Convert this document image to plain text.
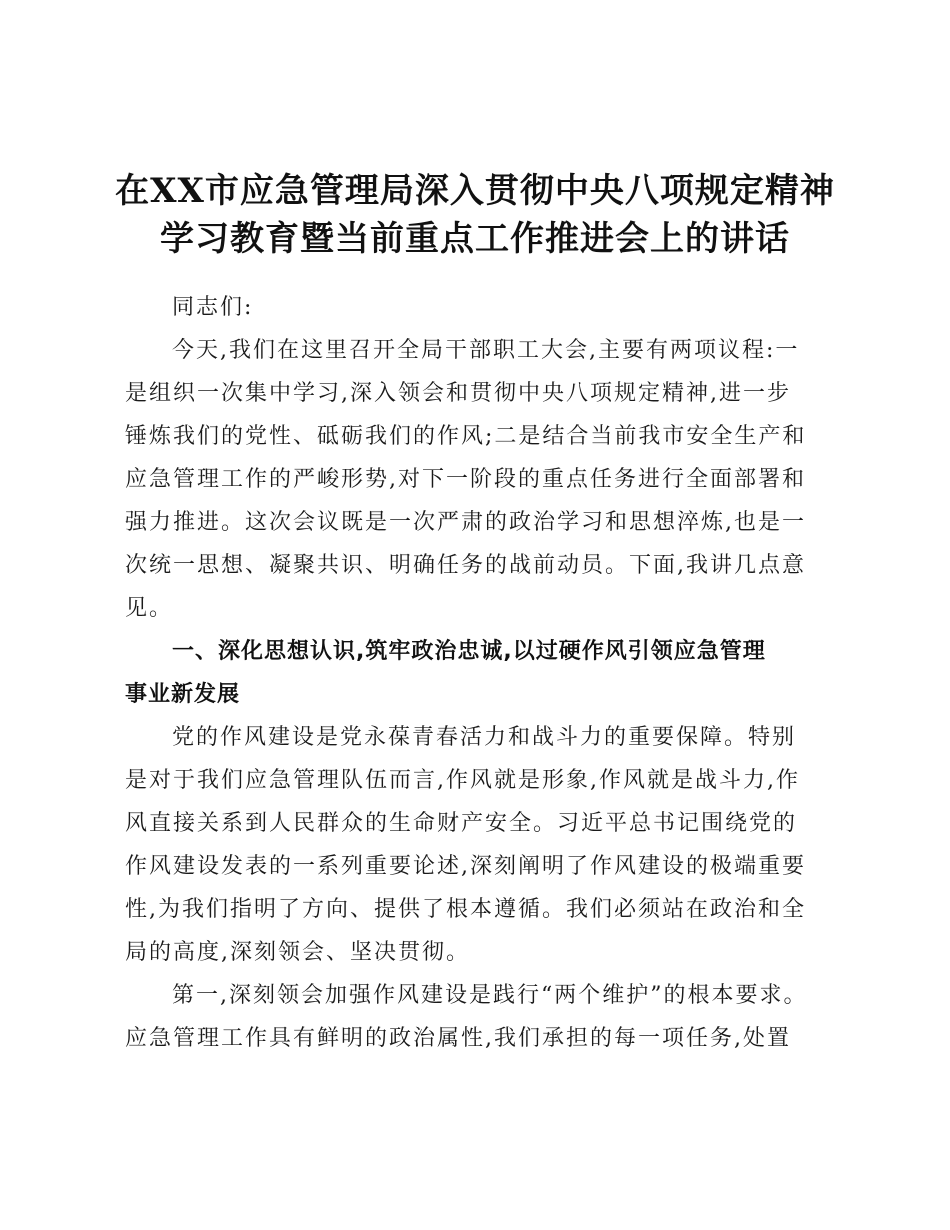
在XX市应急管理局深入贯彻中央八项规定精神
学习教育暨当前重点工作推进会上的讲话
同志们:
今天,我们在这里召开全局干部职工大会,主要有两项议程:一
是组织一次集中学习,深入领会和贯彻中央八项规定精神,进一步
锤炼我们的党性、砥砺我们的作风;二是结合当前我市安全生产和
应急管理工作的严峻形势,对下一阶段的重点任务进行全面部署和
强力推进。这次会议既是一次严肃的政治学习和思想淬炼,也是一
次统一思想、凝聚共识、明确任务的战前动员。下面,我讲几点意
见。
一、深化思想认识,筑牢政治忠诚,以过硬作风引领应急管理
事业新发展
党的作风建设是党永葆青春活力和战斗力的重要保障。特别
是对于我们应急管理队伍而言,作风就是形象,作风就是战斗力,作
风直接关系到人民群众的生命财产安全。习近平总书记围绕党的
作风建设发表的一系列重要论述,深刻阐明了作风建设的极端重要
性,为我们指明了方向、提供了根本遵循。我们必须站在政治和全
局的高度,深刻领会、坚决贯彻。
第一,深刻领会加强作风建设是践行“两个维护”的根本要求。
应急管理工作具有鲜明的政治属性,我们承担的每一项任务,处置
